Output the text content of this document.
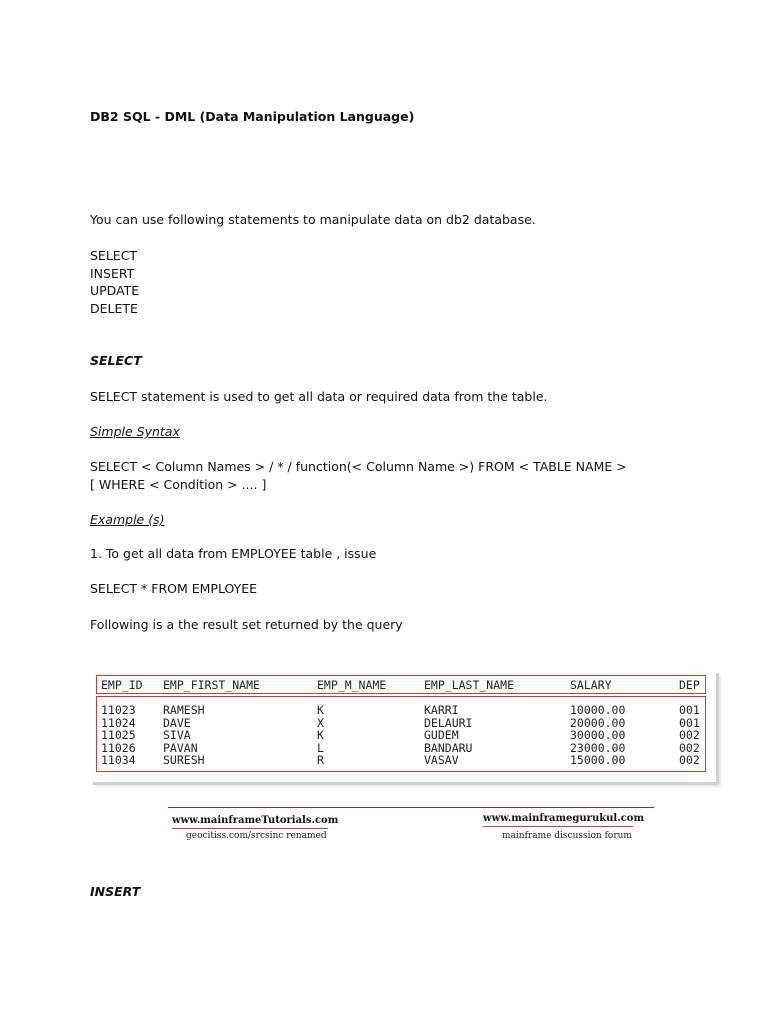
DB2 SQL - DML (Data Manipulation Language)
You can use following statements to manipulate data on db2 database.
SELECT
INSERT
UPDATE
DELETE
SELECT
SELECT statement is used to get all data or required data from the table.
Simple Syntax
SELECT < Column Names > / * / function(< Column Name >) FROM < TABLE NAME >
[ WHERE < Condition > .... ]
Example (s)
1. To get all data from EMPLOYEE table , issue
SELECT * FROM EMPLOYEE
Following is a the result set returned by the query
EMP_ID EMP_FIRST_NAME	EMP_M_NAME	EMP_LAST_NAME	SALARY	DEP
11023 RAMESH	K	KARRI	10000.00	001
11024 DAVE	X	DELAURI	20000.00	001
11025 SIVA	K	GUDEM	30000.00	002
11026 PAVAN	L	BANDARU	23000.00	002
11034 SURESH	R	VASAV	15000.00	002
www.mainframeTutorials.com
geocitiss.com/srcsinc renamed
www.mainframegurukul.com
mainframe discussion forum
INSERT
